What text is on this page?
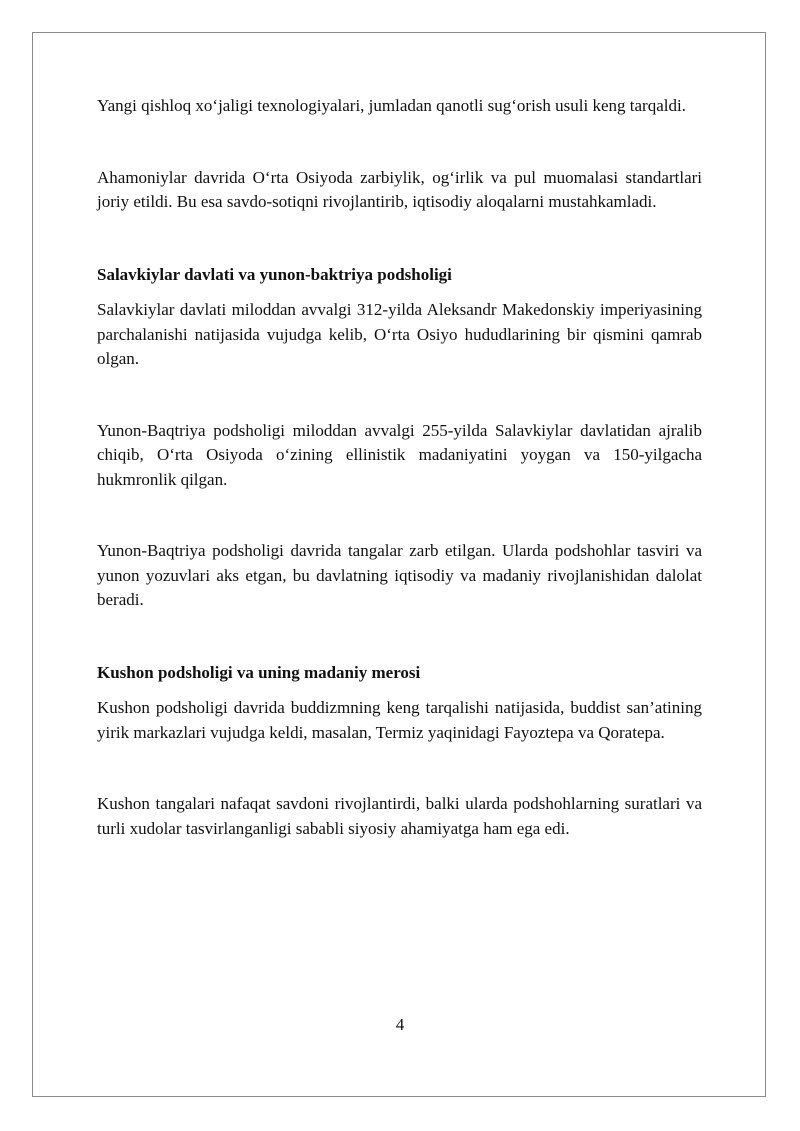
Yangi qishloq xo‘jaligi texnologiyalari, jumladan qanotli sug‘orish usuli keng tarqaldi.

Ahamoniylar davrida O‘rta Osiyoda zarbiylik, og‘irlik va pul muomalasi standartlari joriy etildi. Bu esa savdo-sotiqni rivojlantirib, iqtisodiy aloqalarni mustahkamladi.

Salavkiylar davlati va yunon-baktriya podsholigi

Salavkiylar davlati miloddan avvalgi 312-yilda Aleksandr Makedonskiy imperiyasining parchalanishi natijasida vujudga kelib, O‘rta Osiyo hududlarining bir qismini qamrab olgan.

Yunon-Baqtriya podsholigi miloddan avvalgi 255-yilda Salavkiylar davlatidan ajralib chiqib, O‘rta Osiyoda o‘zining ellinistik madaniyatini yoygan va 150-yilgacha hukmronlik qilgan.

Yunon-Baqtriya podsholigi davrida tangalar zarb etilgan. Ularda podshohlar tasviri va yunon yozuvlari aks etgan, bu davlatning iqtisodiy va madaniy rivojlanishidan dalolat beradi.

Kushon podsholigi va uning madaniy merosi

Kushon podsholigi davrida buddizmning keng tarqalishi natijasida, buddist san’atining yirik markazlari vujudga keldi, masalan, Termiz yaqinidagi Fayoztepa va Qoratepa.

Kushon tangalari nafaqat savdoni rivojlantirdi, balki ularda podshohlarning suratlari va turli xudolar tasvirlanganligi sababli siyosiy ahamiyatga ham ega edi.

4
